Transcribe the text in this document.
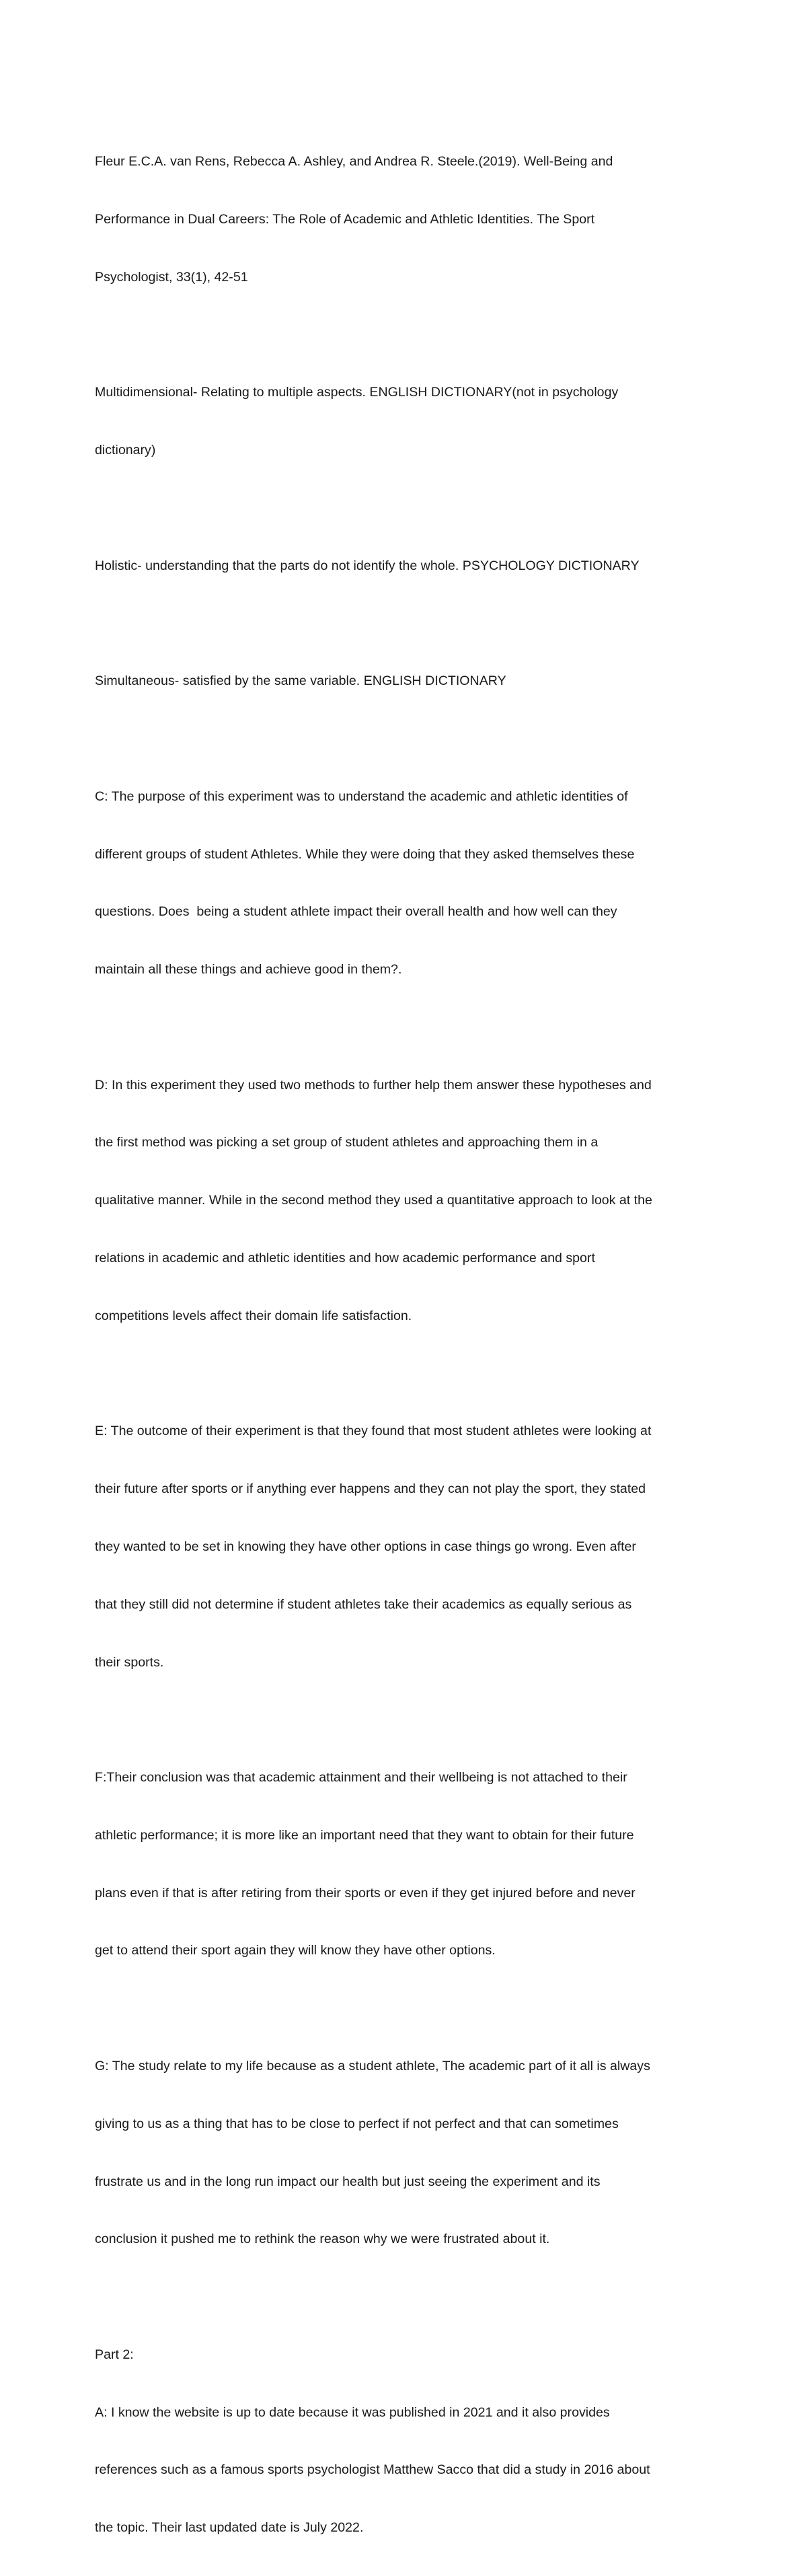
Fleur E.C.A. van Rens, Rebecca A. Ashley, and Andrea R. Steele.(2019). Well-Being and

Performance in Dual Careers: The Role of Academic and Athletic Identities. The Sport

Psychologist, 33(1), 42-51

Multidimensional- Relating to multiple aspects. ENGLISH DICTIONARY(not in psychology

dictionary)

Holistic- understanding that the parts do not identify the whole. PSYCHOLOGY DICTIONARY

Simultaneous- satisfied by the same variable. ENGLISH DICTIONARY

C: The purpose of this experiment was to understand the academic and athletic identities of

different groups of student Athletes. While they were doing that they asked themselves these

questions. Does  being a student athlete impact their overall health and how well can they

maintain all these things and achieve good in them?.

D: In this experiment they used two methods to further help them answer these hypotheses and

the first method was picking a set group of student athletes and approaching them in a

qualitative manner. While in the second method they used a quantitative approach to look at the

relations in academic and athletic identities and how academic performance and sport

competitions levels affect their domain life satisfaction.

E: The outcome of their experiment is that they found that most student athletes were looking at

their future after sports or if anything ever happens and they can not play the sport, they stated

they wanted to be set in knowing they have other options in case things go wrong. Even after

that they still did not determine if student athletes take their academics as equally serious as

their sports.

F:Their conclusion was that academic attainment and their wellbeing is not attached to their

athletic performance; it is more like an important need that they want to obtain for their future

plans even if that is after retiring from their sports or even if they get injured before and never

get to attend their sport again they will know they have other options.

G: The study relate to my life because as a student athlete, The academic part of it all is always

giving to us as a thing that has to be close to perfect if not perfect and that can sometimes

frustrate us and in the long run impact our health but just seeing the experiment and its

conclusion it pushed me to rethink the reason why we were frustrated about it.

Part 2:

A: I know the website is up to date because it was published in 2021 and it also provides

references such as a famous sports psychologist Matthew Sacco that did a study in 2016 about

the topic. Their last updated date is July 2022.
